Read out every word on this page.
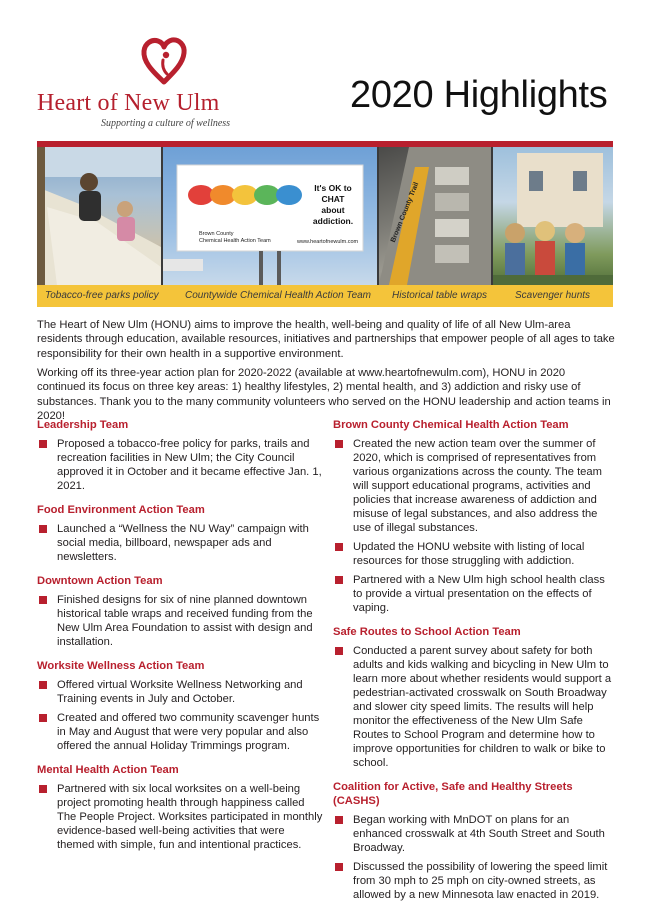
Heart of New Ulm
Supporting a culture of wellness
2020 Highlights
It's OK to
CHAT
about
addiction.
Brown County
Chemical Health Action Team	www.heartofnewulm.com	Brown County Trail
Tobacco-free parks policy	Countywide Chemical Health Action Team Historical table wraps	Scavenger hunts

The Heart of New Ulm (HONU) aims to improve the health, well-being and quality of life of all New Ulm-area residents through education, available resources, initiatives and partnerships that empower people of all ages to take responsibility for their own health in a supportive environment.

Working off its three-year action plan for 2020-2022 (available at www.heartofnewulm.com), HONU in 2020 continued its focus on three key areas: 1) healthy lifestyles, 2) mental health, and 3) addiction and risky use of substances. Thank you to the many community volunteers who served on the HONU leadership and action teams in 2020!

Leadership Team
Proposed a tobacco-free policy for parks, trails and recreation facilities in New Ulm; the City Council approved it in October and it became effective Jan. 1, 2021.
Food Environment Action Team
Launched a “Wellness the NU Way” campaign with social media, billboard, newspaper ads and newsletters.
Downtown Action Team
Finished designs for six of nine planned downtown historical table wraps and received funding from the New Ulm Area Foundation to assist with design and installation.
Worksite Wellness Action Team
Offered virtual Worksite Wellness Networking and Training events in July and October.
Created and offered two community scavenger hunts in May and August that were very popular and also offered the annual Holiday Trimmings program.
Mental Health Action Team
Partnered with six local worksites on a well-being project promoting health through happiness called The People Project. Worksites participated in monthly evidence-based well-being activities that were themed with simple, fun and intentional practices.
Brown County Chemical Health Action Team
Created the new action team over the summer of 2020, which is comprised of representatives from various organizations across the county. The team will support educational programs, activities and policies that increase awareness of addiction and misuse of legal substances, and also address the use of illegal substances.
Updated the HONU website with listing of local resources for those struggling with addiction.
Partnered with a New Ulm high school health class to provide a virtual presentation on the effects of vaping.
Safe Routes to School Action Team
Conducted a parent survey about safety for both adults and kids walking and bicycling in New Ulm to learn more about whether residents would support a pedestrian-activated crosswalk on South Broadway and slower city speed limits. The results will help monitor the effectiveness of the New Ulm Safe Routes to School Program and determine how to improve opportunities for children to walk or bike to school.
Coalition for Active, Safe and Healthy Streets (CASHS)
Began working with MnDOT on plans for an enhanced crosswalk at 4th South Street and South Broadway.
Discussed the possibility of lowering the speed limit from 30 mph to 25 mph on city-owned streets, as allowed by a new Minnesota law enacted in 2019.
